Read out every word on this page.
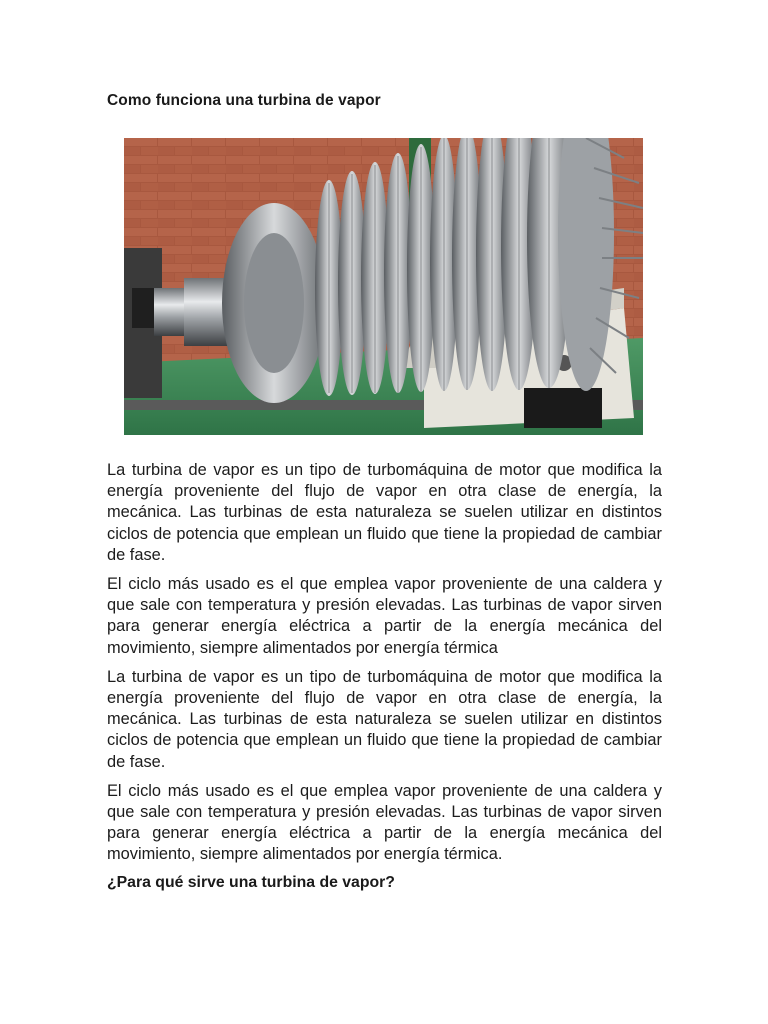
Como funciona una turbina de vapor

La turbina de vapor es un tipo de turbomáquina de motor que modifica la energía proveniente del flujo de vapor en otra clase de energía, la mecánica. Las turbinas de esta naturaleza se suelen utilizar en distintos ciclos de potencia que emplean un fluido que tiene la propiedad de cambiar de fase.

El ciclo más usado es el que emplea vapor proveniente de una caldera y que sale con temperatura y presión elevadas. Las turbinas de vapor sirven para generar energía eléctrica a partir de la energía mecánica del movimiento, siempre alimentados por energía térmica

La turbina de vapor es un tipo de turbomáquina de motor que modifica la energía proveniente del flujo de vapor en otra clase de energía, la mecánica. Las turbinas de esta naturaleza se suelen utilizar en distintos ciclos de potencia que emplean un fluido que tiene la propiedad de cambiar de fase.

El ciclo más usado es el que emplea vapor proveniente de una caldera y que sale con temperatura y presión elevadas. Las turbinas de vapor sirven para generar energía eléctrica a partir de la energía mecánica del movimiento, siempre alimentados por energía térmica.

¿Para qué sirve una turbina de vapor?
